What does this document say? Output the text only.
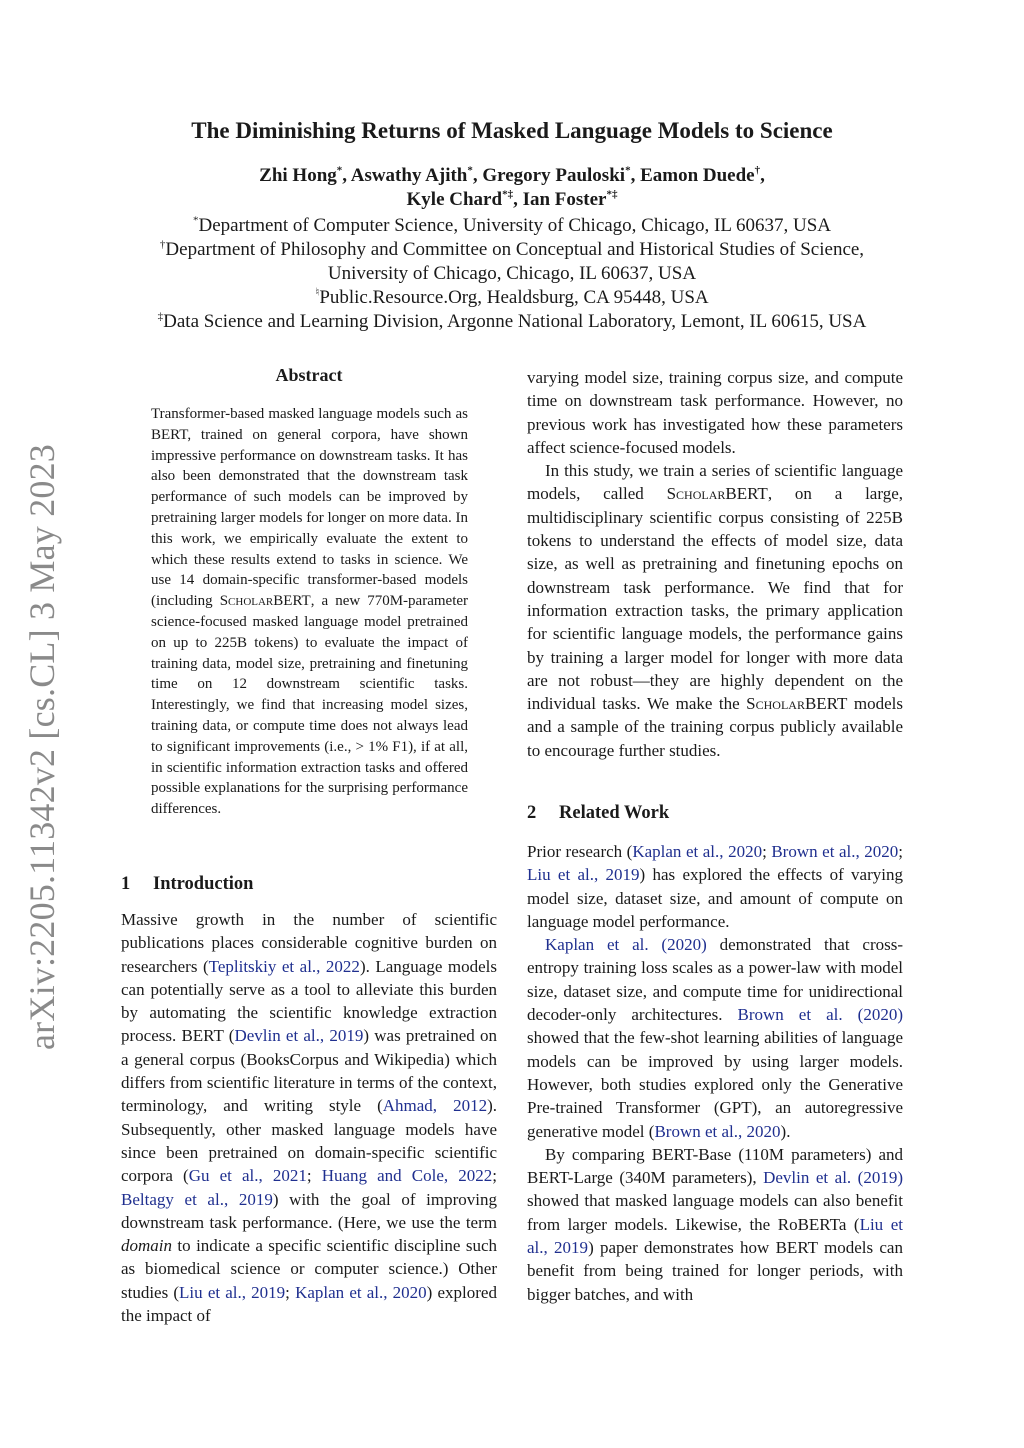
arXiv:2205.11342v2 [cs.CL] 3 May 2023
The Diminishing Returns of Masked Language Models to Science
Zhi Hong*, Aswathy Ajith*, Gregory Pauloski*, Eamon Duede†,
Kyle Chard*‡, Ian Foster*‡
*Department of Computer Science, University of Chicago, Chicago, IL 60637, USA
†Department of Philosophy and Committee on Conceptual and Historical Studies of Science,
University of Chicago, Chicago, IL 60637, USA
♮Public.Resource.Org, Healdsburg, CA 95448, USA
‡Data Science and Learning Division, Argonne National Laboratory, Lemont, IL 60615, USA
Abstract

Transformer-based masked language models such as BERT, trained on general corpora, have shown impressive performance on downstream tasks. It has also been demonstrated that the downstream task performance of such models can be improved by pretraining larger models for longer on more data. In this work, we empirically evaluate the extent to which these results extend to tasks in science. We use 14 domain-specific transformer-based models (including ScholarBERT, a new 770M-parameter science-focused masked language model pretrained on up to 225B tokens) to evaluate the impact of training data, model size, pretraining and finetuning time on 12 downstream scientific tasks. Interestingly, we find that increasing model sizes, training data, or compute time does not always lead to significant improvements (i.e., > 1% F1), if at all, in scientific information extraction tasks and offered possible explanations for the surprising performance differences.

1 Introduction

Massive growth in the number of scientific publications places considerable cognitive burden on researchers (Teplitskiy et al., 2022). Language models can potentially serve as a tool to alleviate this burden by automating the scientific knowledge extraction process. BERT (Devlin et al., 2019) was pretrained on a general corpus (BooksCorpus and Wikipedia) which differs from scientific literature in terms of the context, terminology, and writing style (Ahmad, 2012). Subsequently, other masked language models have since been pretrained on domain-specific scientific corpora (Gu et al., 2021; Huang and Cole, 2022; Beltagy et al., 2019) with the goal of improving downstream task performance. (Here, we use the term domain to indicate a specific scientific discipline such as biomedical science or computer science.) Other studies (Liu et al., 2019; Kaplan et al., 2020) explored the impact of

varying model size, training corpus size, and compute time on downstream task performance. However, no previous work has investigated how these parameters affect science-focused models.

In this study, we train a series of scientific language models, called ScholarBERT, on a large, multidisciplinary scientific corpus consisting of 225B tokens to understand the effects of model size, data size, as well as pretraining and finetuning epochs on downstream task performance. We find that for information extraction tasks, the primary application for scientific language models, the performance gains by training a larger model for longer with more data are not robust—they are highly dependent on the individual tasks. We make the ScholarBERT models and a sample of the training corpus publicly available to encourage further studies.

2 Related Work

Prior research (Kaplan et al., 2020; Brown et al., 2020; Liu et al., 2019) has explored the effects of varying model size, dataset size, and amount of compute on language model performance.

Kaplan et al. (2020) demonstrated that cross-entropy training loss scales as a power-law with model size, dataset size, and compute time for unidirectional decoder-only architectures. Brown et al. (2020) showed that the few-shot learning abilities of language models can be improved by using larger models. However, both studies explored only the Generative Pre-trained Transformer (GPT), an autoregressive generative model (Brown et al., 2020).

By comparing BERT-Base (110M parameters) and BERT-Large (340M parameters), Devlin et al. (2019) showed that masked language models can also benefit from larger models. Likewise, the RoBERTa (Liu et al., 2019) paper demonstrates how BERT models can benefit from being trained for longer periods, with bigger batches, and with
